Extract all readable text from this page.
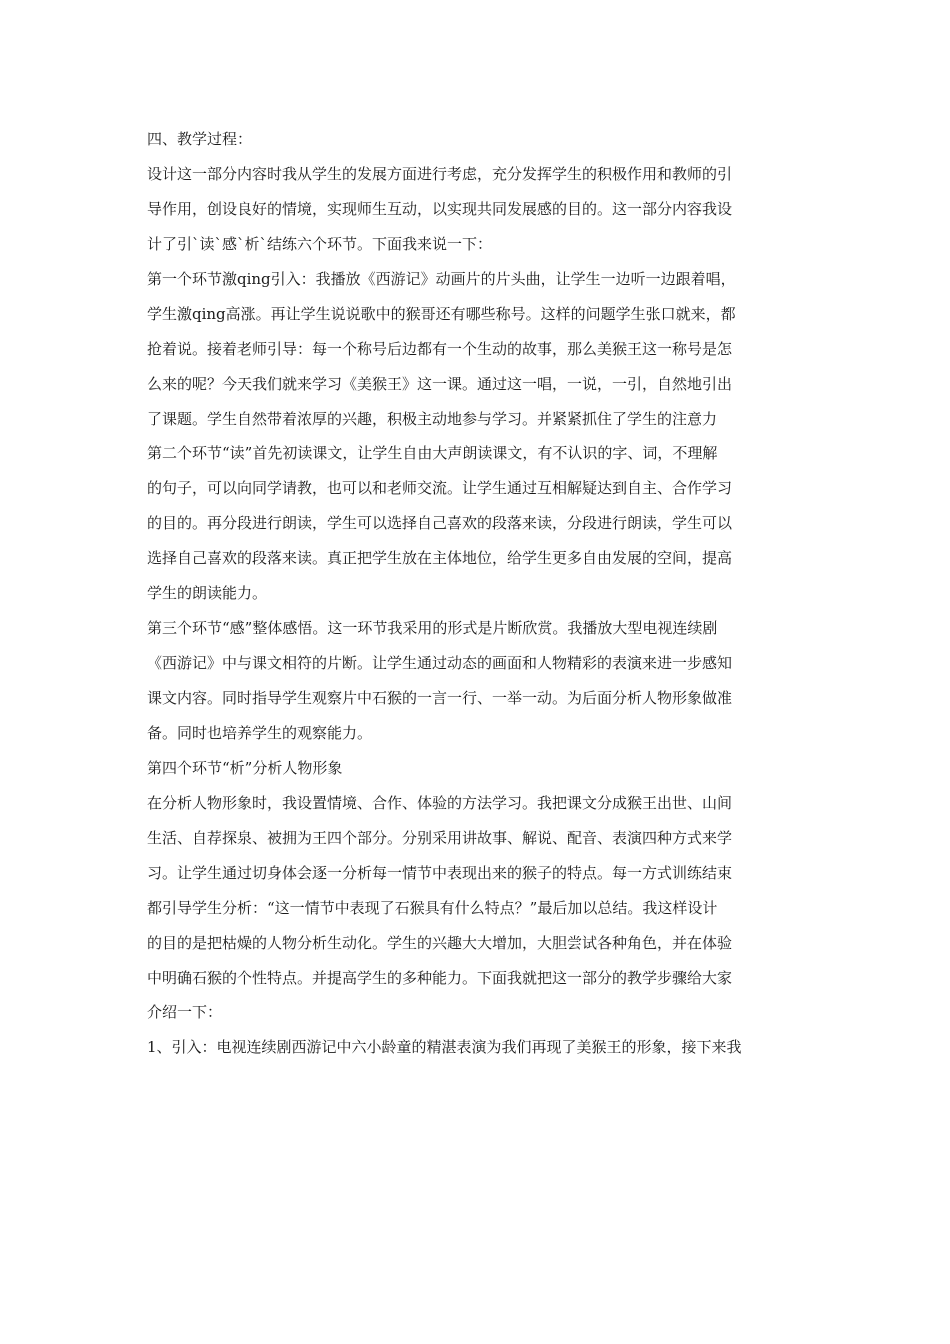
四、教学过程：
设计这一部分内容时我从学生的发展方面进行考虑，充分发挥学生的积极作用和教师的引
导作用，创设良好的情境，实现师生互动，以实现共同发展感的目的。这一部分内容我设
计了引`读`感`析`结练六个环节。下面我来说一下：
第一个环节激qing引入：我播放《西游记》动画片的片头曲，让学生一边听一边跟着唱，
学生激qing高涨。再让学生说说歌中的猴哥还有哪些称号。这样的问题学生张口就来，都
抢着说。接着老师引导：每一个称号后边都有一个生动的故事，那么美猴王这一称号是怎
么来的呢？今天我们就来学习《美猴王》这一课。通过这一唱，一说，一引，自然地引出
了课题。学生自然带着浓厚的兴趣，积极主动地参与学习。并紧紧抓住了学生的注意力
第二个环节“读”首先初读课文，让学生自由大声朗读课文，有不认识的字、词，不理解
的句子，可以向同学请教，也可以和老师交流。让学生通过互相解疑达到自主、合作学习
的目的。再分段进行朗读，学生可以选择自己喜欢的段落来读，分段进行朗读，学生可以
选择自己喜欢的段落来读。真正把学生放在主体地位，给学生更多自由发展的空间，提高
学生的朗读能力。
第三个环节“感”整体感悟。这一环节我采用的形式是片断欣赏。我播放大型电视连续剧
《西游记》中与课文相符的片断。让学生通过动态的画面和人物精彩的表演来进一步感知
课文内容。同时指导学生观察片中石猴的一言一行、一举一动。为后面分析人物形象做准
备。同时也培养学生的观察能力。
第四个环节“析”分析人物形象
在分析人物形象时，我设置情境、合作、体验的方法学习。我把课文分成猴王出世、山间
生活、自荐探泉、被拥为王四个部分。分别采用讲故事、解说、配音、表演四种方式来学
习。让学生通过切身体会逐一分析每一情节中表现出来的猴子的特点。每一方式训练结束
都引导学生分析：“这一情节中表现了石猴具有什么特点？”最后加以总结。我这样设计
的目的是把枯燥的人物分析生动化。学生的兴趣大大增加，大胆尝试各种角色，并在体验
中明确石猴的个性特点。并提高学生的多种能力。下面我就把这一部分的教学步骤给大家
介绍一下：
1、引入：电视连续剧西游记中六小龄童的精湛表演为我们再现了美猴王的形象，接下来我
